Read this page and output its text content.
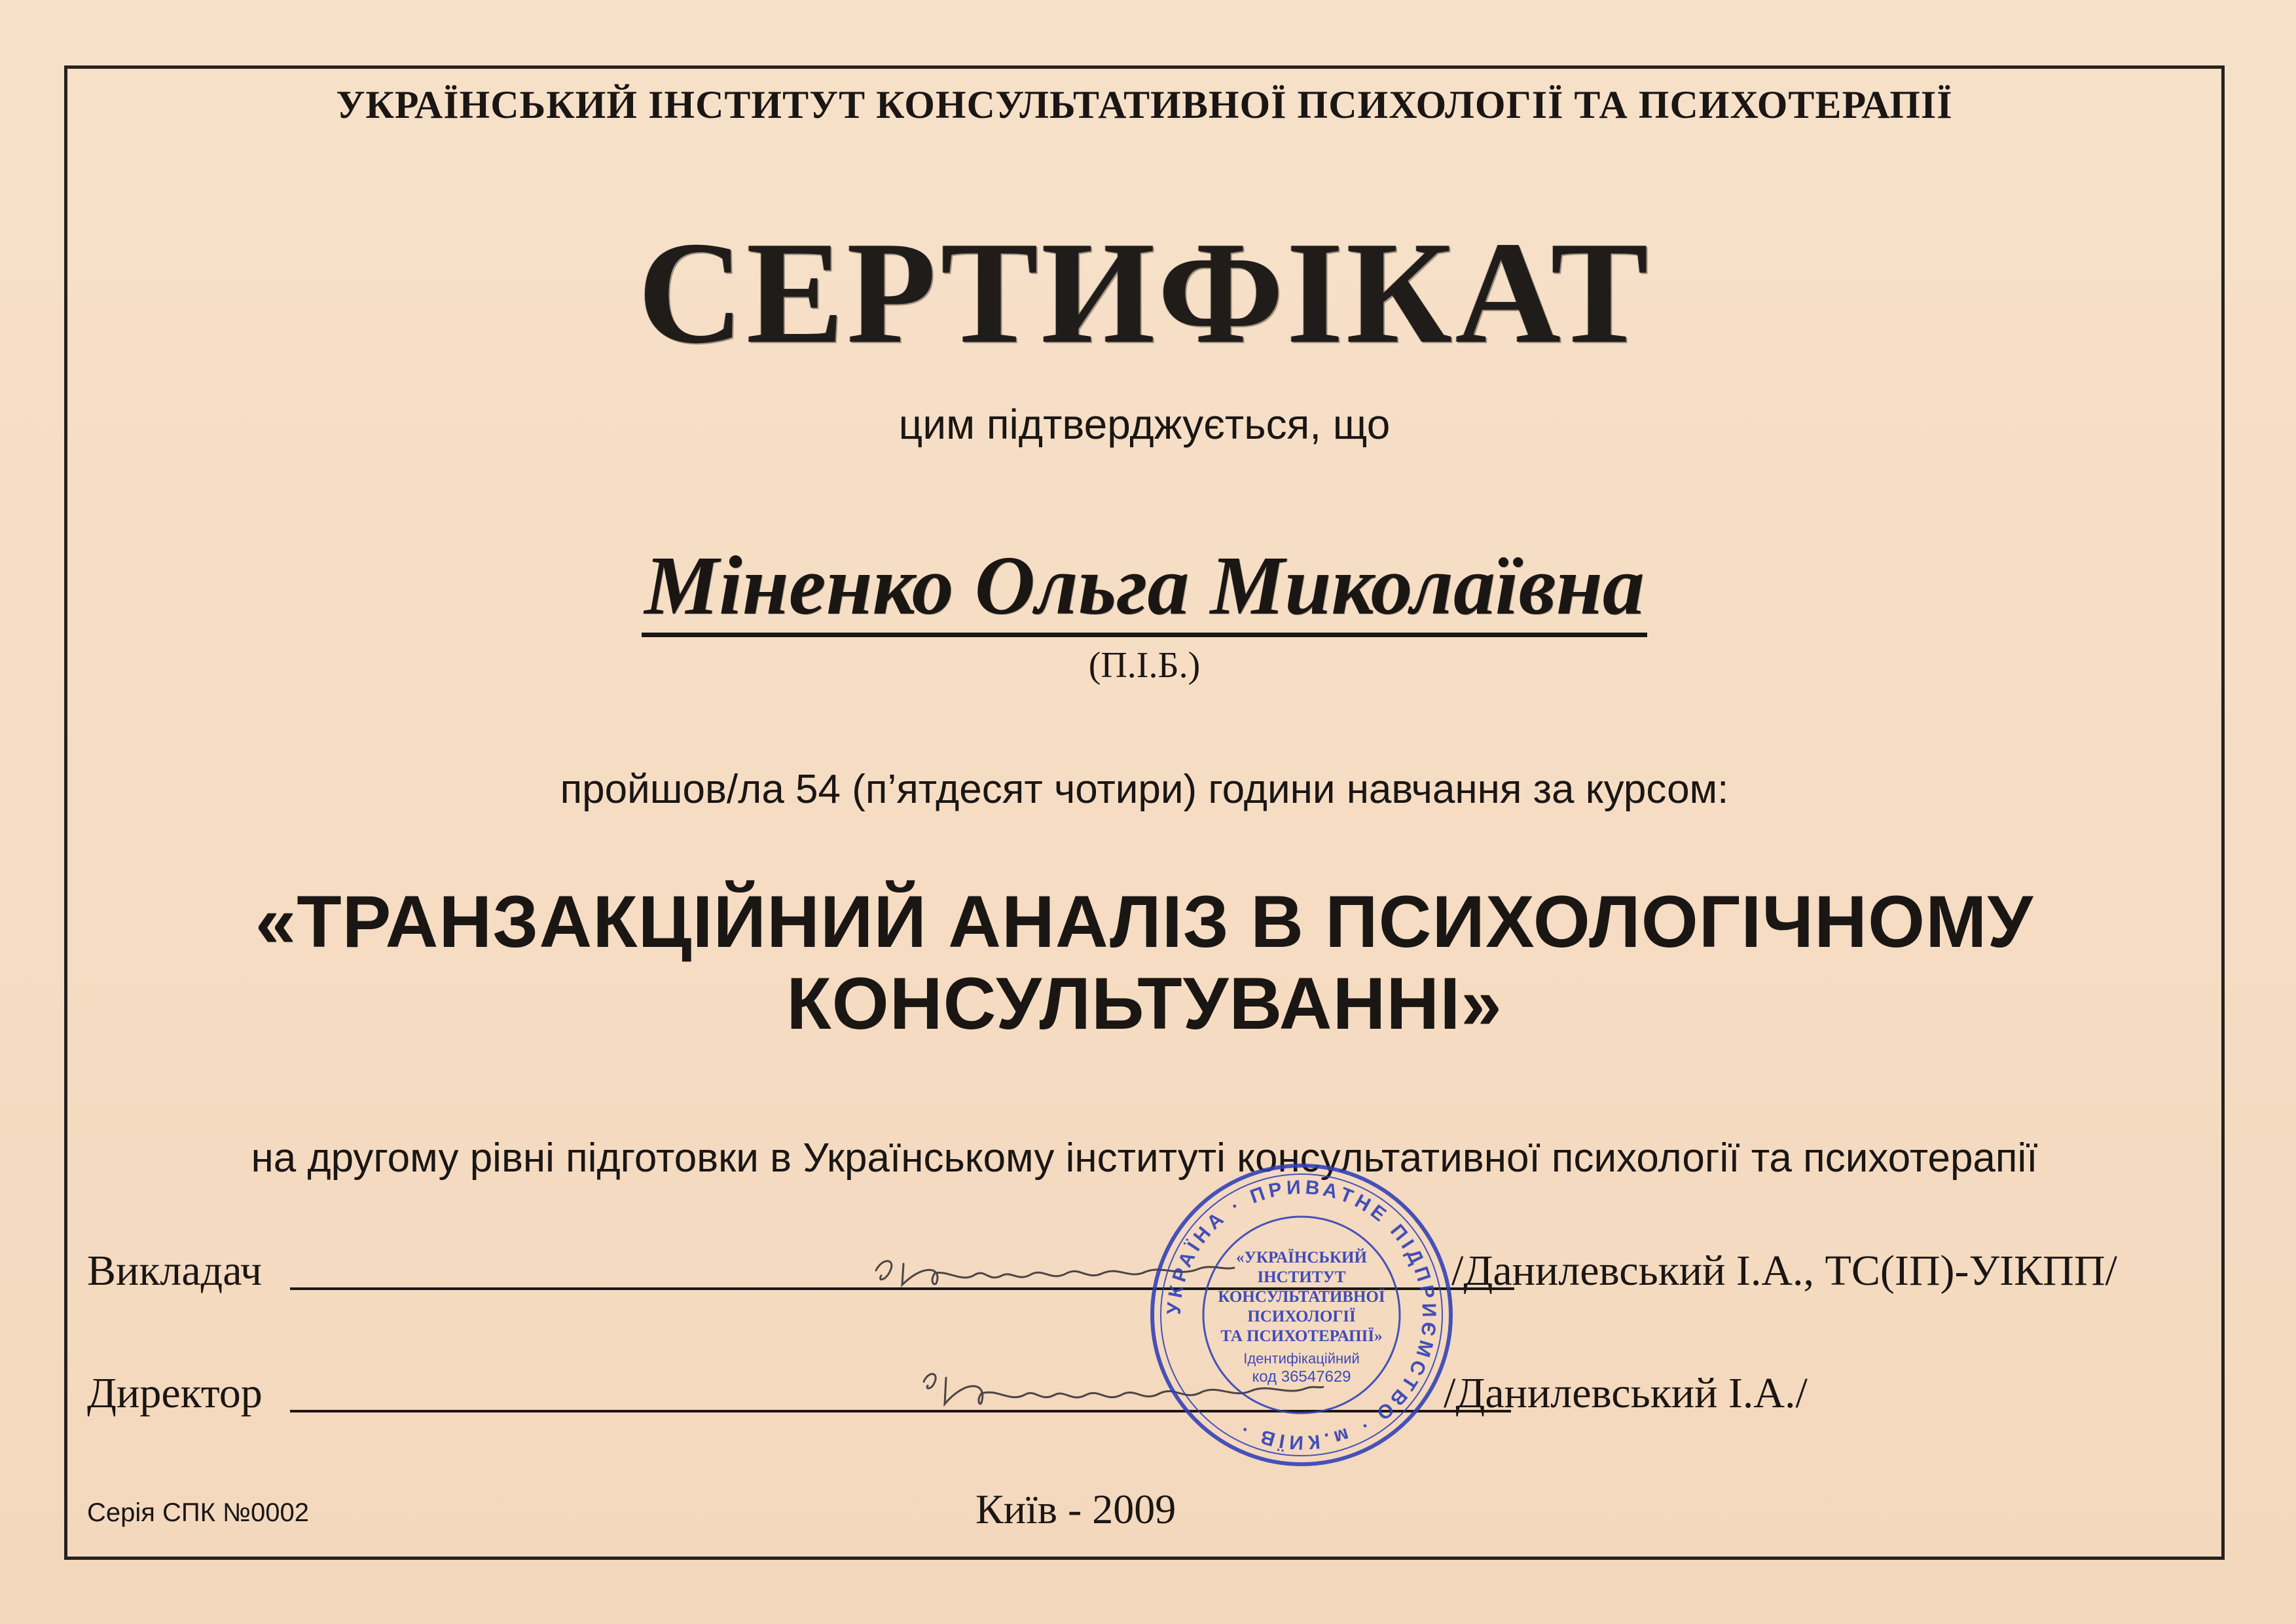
УКРАЇНСЬКИЙ ІНСТИТУТ КОНСУЛЬТАТИВНОЇ ПСИХОЛОГІЇ ТА ПСИХОТЕРАПІЇ
СЕРТИФІКАТ
цим підтверджується, що
Міненко Ольга Миколаївна
(П.І.Б.)
пройшов/ла 54 (п’ятдесят чотири) години навчання за курсом:
«ТРАНЗАКЦІЙНИЙ АНАЛІЗ В ПСИХОЛОГІЧНОМУ
КОНСУЛЬТУВАННІ»
на другому рівні підготовки в Українському інституті консультативної психології та психотерапії
Викладач	/Данилевський І.А., ТС(ІП)-УІКПП/
Директор	/Данилевський І.А./
УКРАЇНА · ПРИВАТНЕ ПІДПРИЄМСТВО · м.КИЇВ ·
«УКРАЇНСЬКИЙ
ІНСТИТУТ
КОНСУЛЬТАТИВНОЇ
ПСИХОЛОГІЇ
ТА ПСИХОТЕРАПІЇ»
Ідентифікаційний
код 36547629
Серія СПК №0002	Київ - 2009
